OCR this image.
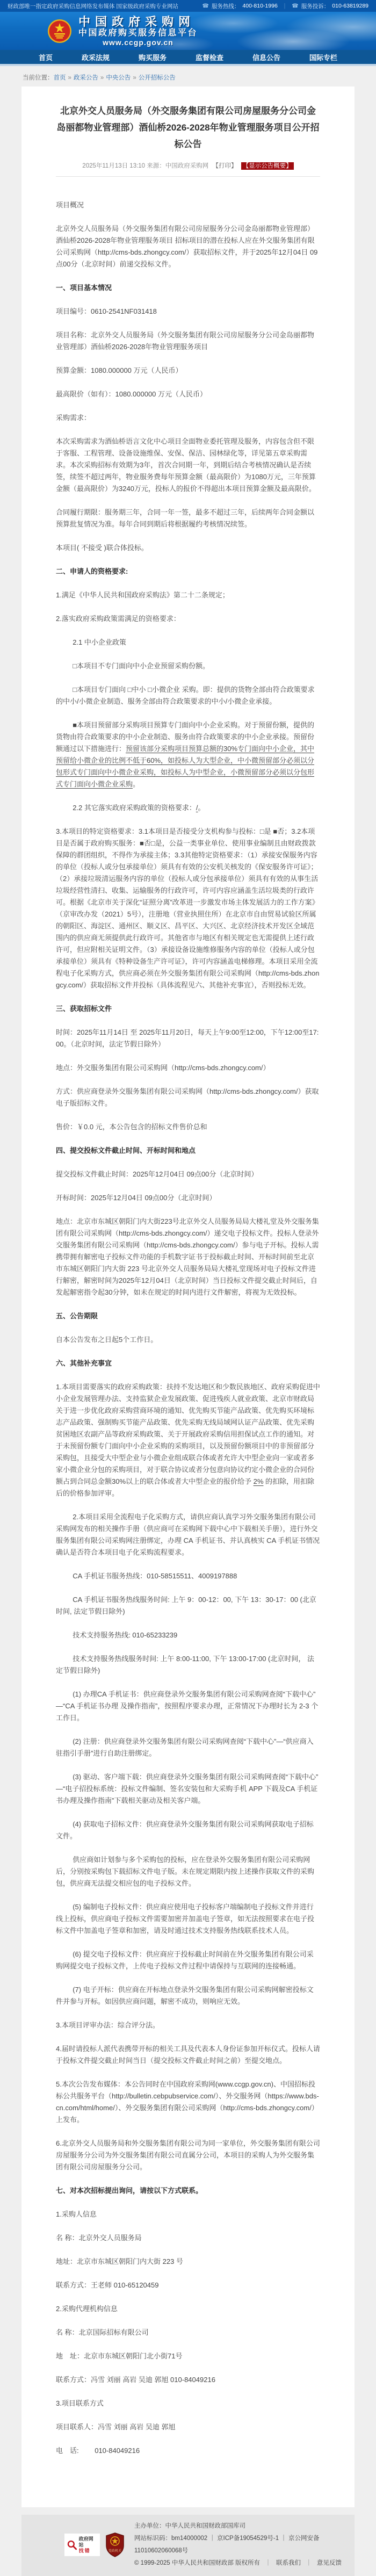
财政部唯一指定政府采购信息网络发布媒体 国家级政府采购专业网站	☎ 服务热线： 400-810-1996 ｜ ☎ 服务投诉： 010-63819289
中国政府采购网
中国政府购买服务信息平台
www.ccgp.gov.cn
首页	政采法规	购买服务	监督检查	信息公告	国际专栏
当前位置：首页 » 政采公告 » 中央公告 » 公开招标公告
北京外交人员服务局（外交服务集团有限公司房屋服务分公司金岛丽都物业管理部）酒仙桥2026-2028年物业管理服务项目公开招标公告
2025年11月13日 13:10 来源：中国政府采购网 【打印】 【显示公告概要】

项目概况

北京外交人员服务局（外交服务集团有限公司房屋服务分公司金岛丽都物业管理部）酒仙桥2026-2028年物业管理服务项目 招标项目的潜在投标人应在外交服务集团有限公司采购网（http://cms-bds.zhongcy.com/）获取招标文件，并于2025年12月04日 09点00分（北京时间）前递交投标文件。

一、项目基本情况

项目编号：0610-2541NF031418

项目名称：北京外交人员服务局（外交服务集团有限公司房屋服务分公司金岛丽都物业管理部）酒仙桥2026-2028年物业管理服务项目

预算金额：1080.000000 万元（人民币）

最高限价（如有）：1080.000000 万元（人民币）

采购需求：

本次采购需求为酒仙桥语言文化中心项目全面物业委托管理及服务，内容包含但不限于客服、工程管理、设备设施维保、安保、保洁、园林绿化等，详见第五章采购需求。本次采购招标有效期为3年，首次合同期一年，到期后结合考核情况确认是否续签，续签不超过两年，物业服务费每年预算金额（最高限价）为1080万元，三年预算金额（最高限价）为3240万元，投标人的报价不得超出本项目预算金额及最高限价。

合同履行期限：服务期三年，合同一年一签，最多不超过三年，后续两年合同金额以预算批复情况为准。每年合同到期后将根据履约考核情况续签。

本项目( 不接受 )联合体投标。

二、申请人的资格要求:

1.满足《中华人民共和国政府采购法》第二十二条规定；

2.落实政府采购政策需满足的资格要求：

2.1 中小企业政策

□本项目不专门面向中小企业预留采购份额。

□本项目专门面向 □中小 □小微企业 采购。即：提供的货物全部由符合政策要求的中小/小微企业制造、服务全部由符合政策要求的中小/小微企业承接。

■本项目预留部分采购项目预算专门面向中小企业采购。对于预留份额，提供的货物由符合政策要求的中小企业制造、服务由符合政策要求的中小企业承接。预留份额通过以下措施进行：预留该部分采购项目预算总额的30%专门面向中小企业，其中预留给小微企业的比例不低于60%，如投标人为大型企业，中小微预留部分必须以分包形式专门面向中小微企业采购，如投标人为中型企业，小微预留部分必须以分包形式专门面向小微企业采购。

2.2 其它落实政府采购政策的资格要求：/。

3.本项目的特定资格要求：3.1本项目是否接受分支机构参与投标：□是 ■否；3.2本项目是否属于政府购买服务：■否□是，公益一类事业单位、使用事业编制且由财政拨款保障的群团组织，不得作为承接主体；3.3其他特定资格要求：（1）承接安保服务内容的单位（投标人或分包承接单位）须具有有效的公安机关核发的《保安服务许可证》；（2）承接垃圾清运服务内容的单位（投标人或分包承接单位）须具有有效的从事生活垃圾经营性清扫、收集、运输服务的行政许可，许可内容应涵盖生活垃圾类的行政许可。根据《北京市关于深化“证照分离”改革进一步激发市场主体发展活力的工作方案》（京审改办发（2021）5号），注册地（营业执照住所）在北京市自由贸易试验区所属的朝阳区、海淀区、通州区、顺义区、昌平区、大兴区、北京经济技术开发区全域范围内的供应商无须提供此行政许可。其他省市与地区有相关规定也无需提供上述行政许可，但应附相关证明文件。（3）承接设备设施维修服务内容的单位（投标人或分包承接单位）须具有《特种设备生产许可证》，许可内容涵盖电梯修理。本项目采用全流程电子化采购方式，供应商必须在外交服务集团有限公司采购网（http://cms-bds.zhongcy.com/）获取招标文件并投标（具体流程见六、其他补充事宜），否则投标无效。

三、获取招标文件

时间：2025年11月14日 至 2025年11月20日，每天上午9:00至12:00，下午12:00至17:00。（北京时间，法定节假日除外）

地点：外交服务集团有限公司采购网（http://cms-bds.zhongcy.com/）

方式：供应商登录外交服务集团有限公司采购网（http://cms-bds.zhongcy.com/）获取电子版招标文件。

售价：￥0.0 元，本公告包含的招标文件售价总和

四、提交投标文件截止时间、开标时间和地点

提交投标文件截止时间：2025年12月04日 09点00分（北京时间）

开标时间：2025年12月04日 09点00分（北京时间）

地点：北京市东城区朝阳门内大街223号北京外交人员服务局局大楼礼堂及外交服务集团有限公司采购网（http://cms-bds.zhongcy.com/）递交电子投标文件。投标人登录外交服务集团有限公司采购网（http://cms-bds.zhongcy.com/）参与电子开标。投标人需携带拥有解密电子投标文件功能的手机数字证书于投标截止时间、开标时间前至北京市东城区朝阳门内大街 223 号北京外交人员服务局局大楼礼堂现场对电子投标文件进行解密，解密时间为2025年12月04日（北京时间）当日投标文件提交截止时间后，自发起解密指令起30分钟，如未在规定的时间内进行文件解密，将视为无效投标。

五、公告期限

自本公告发布之日起5个工作日。

六、其他补充事宜

1.本项目需要落实的政府采购政策：扶持不发达地区和少数民族地区、政府采购促进中小企业发展管理办法、支持监狱企业发展政策、促进残疾人就业政策、北京市财政局关于进一步优化政府采购营商环境的通知、优先购买节能产品政策、优先购买环境标志产品政策、强制购买节能产品政策、优先采购无线局域网认证产品政策、优先采购贫困地区农副产品等政府采购政策、关于开展政府采购信用担保试点工作的通知。对于未预留份额专门面向中小企业采购的采购项目，以及预留份额项目中的非预留部分采购包，且接受大中型企业与小微企业组成联合体或者允许大中型企业向一家或者多家小微企业分包的采购项目，对于联合协议或者分包意向协议约定小微企业的合同份额占到合同总金额30%以上的联合体或者大中型企业的报价给予 2% 的扣除，用扣除后的价格参加评审。

2.本项目采用全流程电子化采购方式，请供应商认真学习外交服务集团有限公司采购网发布的相关操作手册（供应商可在采购网下载中心中下载相关手册），进行外交服务集团有限公司采购网注册绑定，办理 CA 手机证书、并认真核实 CA 手机证书情况确认是否符合本项目电子化采购流程要求。

CA 手机证书服务热线：010-58515511、4009197888

CA 手机证书服务热线服务时间: 上午 9：00-12：00, 下午 13：30-17：00 (北京 时间, 法定节假日除外)

技术支持服务热线: 010-65233239

技术支持服务热线服务时间: 上午 8:00-11:00, 下午 13:00-17:00 (北京时间， 法定节假日除外)

(1) 办理CA 手机证书：供应商登录外交服务集团有限公司采购网查阅“下载中心”—“CA 手机证书办理 及操作指南”，按照程序要求办理，正常情况下办理时长为 2-3 个工作日。

(2) 注册：供应商登录外交服务集团有限公司采购网查阅“下载中心”—“供应商入驻指引手册”进行自助注册绑定。

(3) 驱动、客户端下载：供应商登录外交服务集团有限公司采购网查阅“下载中心”—“电子招投标系统：投标文件编制、签名安装包和大采购手机 APP 下载及CA 手机证书办理及操作指南”下载相关驱动及相关客户端。

(4) 获取电子招标文件：供应商登录外交服务集团有限公司采购网获取电子招标文件。

供应商如计划参与多个采购包的投标，应在登录外交服务集团有限公司采购网后，分别按采购包下载招标文件电子版。未在规定期限内按上述操作获取文件的采购包，供应商无法提交相应包的电子投标文件。

(5) 编制电子投标文件：供应商应使用电子投标客户端编制电子投标文件并进行线上投标，供应商电子投标文件需要加密并加盖电子签章，如无法按照要求在电子投标文件中加盖电子签章和加密，请及时通过技术支持服务热线联系技术人员。

(6) 提交电子投标文件：供应商应于投标截止时间前在外交服务集团有限公司采购网提交电子投标文件，上传电子投标文件过程中请保持与互联网的连接畅通。

(7) 电子开标：供应商在开标地点登录外交服务集团有限公司采购网解密投标文件并参与开标。如因供应商问题，解密不成功，则响应无效。

3.本项目评审办法：综合评分法。

4.届时请投标人派代表携带开标的相关工具及代表本人身份证参加开标仪式。投标人请于投标文件提交截止时间当日（提交投标文件截止时间之前）至提交地点。

5.本次公告发布媒体：本公告同时在中国政府采购网(www.ccgp.gov.cn)、中国招标投标公共服务平台（http://bulletin.cebpubservice.com/）、外交服务网（https://www.bds-cn.com/html/home/）、外交服务集团有限公司采购网（http://cms-bds.zhongcy.com/）上发布。

6.北京外交人员服务局和外交服务集团有限公司为同一家单位，外交服务集团有限公司房屋服务分公司为外交服务集团有限公司直属分公司，本项目的采购人为外交服务集团有限公司房屋服务分公司。

七、对本次招标提出询问，请按以下方式联系。

1.采购人信息

名 称：北京外交人员服务局

地址：北京市东城区朝阳门内大街 223 号

联系方式：王老师 010-65120459

2.采购代理机构信息

名 称：北京国际招标有限公司

地　址：北京市东城区朝阳门北小街71号

联系方式：冯雪 刘丽 高岩 吴迪 郭旭 010-84049216

3.项目联系方式

项目联系人：冯雪 刘丽 高岩 吴迪 郭旭

电　话:　　 010-84049216

政府网站
找错	党政机关
主办单位：中华人民共和国财政部国库司
网站标识码：bm14000002 ｜ 京ICP备19054529号-1 ｜ 京公网安备11010602060068号
© 1999-2025 中华人民共和国财政部 版权所有 ｜ 联系我们 ｜ 意见反馈
